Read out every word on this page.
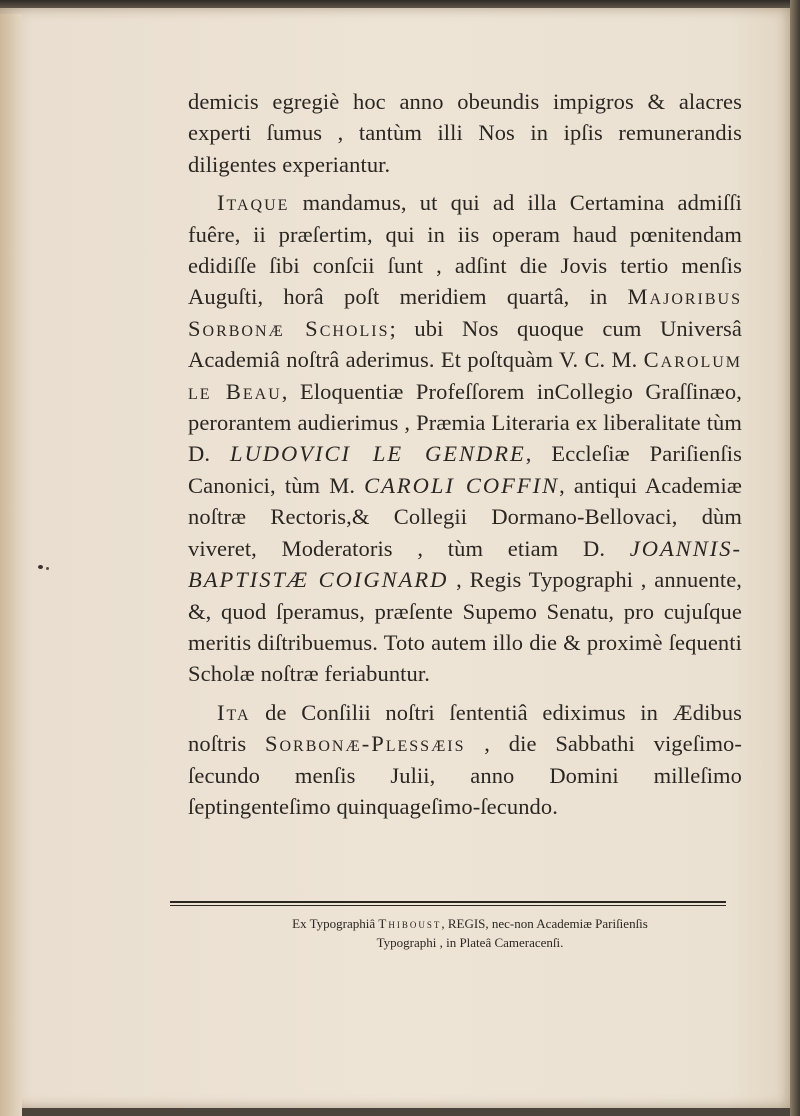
demicis egregiè hoc anno obeundis impigros & alacres experti ſumus , tantùm illi Nos in ipſis remunerandis diligentes experiantur.

Itaque mandamus, ut qui ad illa Certamina admiſſi fuêre, ii præſertim, qui in iis operam haud pœnitendam edidiſſe ſibi conſcii ſunt , adſint die Jovis tertio menſis Auguſti, horâ poſt meridiem quartâ, in Majoribus Sorbonæ Scholis; ubi Nos quoque cum Universâ Academiâ noſtrâ aderimus. Et poſtquàm V. C. M. Carolum le Beau, Eloquentiæ Profeſſorem inCollegio Graſſinæo, perorantem audierimus , Præmia Literaria ex liberalitate tùm D. LUDOVICI LE GENDRE, Eccleſiæ Pariſienſis Canonici, tùm M. CAROLI COFFIN, antiqui Academiæ noſtræ Rectoris,& Collegii Dormano-Bellovaci, dùm viveret, Moderatoris , tùm etiam D. JOANNIS-BAPTISTÆ COIGNARD , Regis Typographi , annuente, &, quod ſperamus, præſente Supemo Senatu, pro cujuſque meritis diſtribuemus. Toto autem illo die & proximè ſequenti Scholæ noſtræ feriabuntur.

Ita de Conſilii noſtri ſententiâ ediximus in Ædibus noſtris Sorbonæ-Plessæis , die Sabbathi vigeſimo-ſecundo menſis Julii, anno Domini milleſimo ſeptingenteſimo quinquageſimo-ſecundo.

Ex Typographiâ Thiboust, REGIS, nec-non Academiæ Pariſienſis
Typographi , in Plateâ Cameracenſi.
